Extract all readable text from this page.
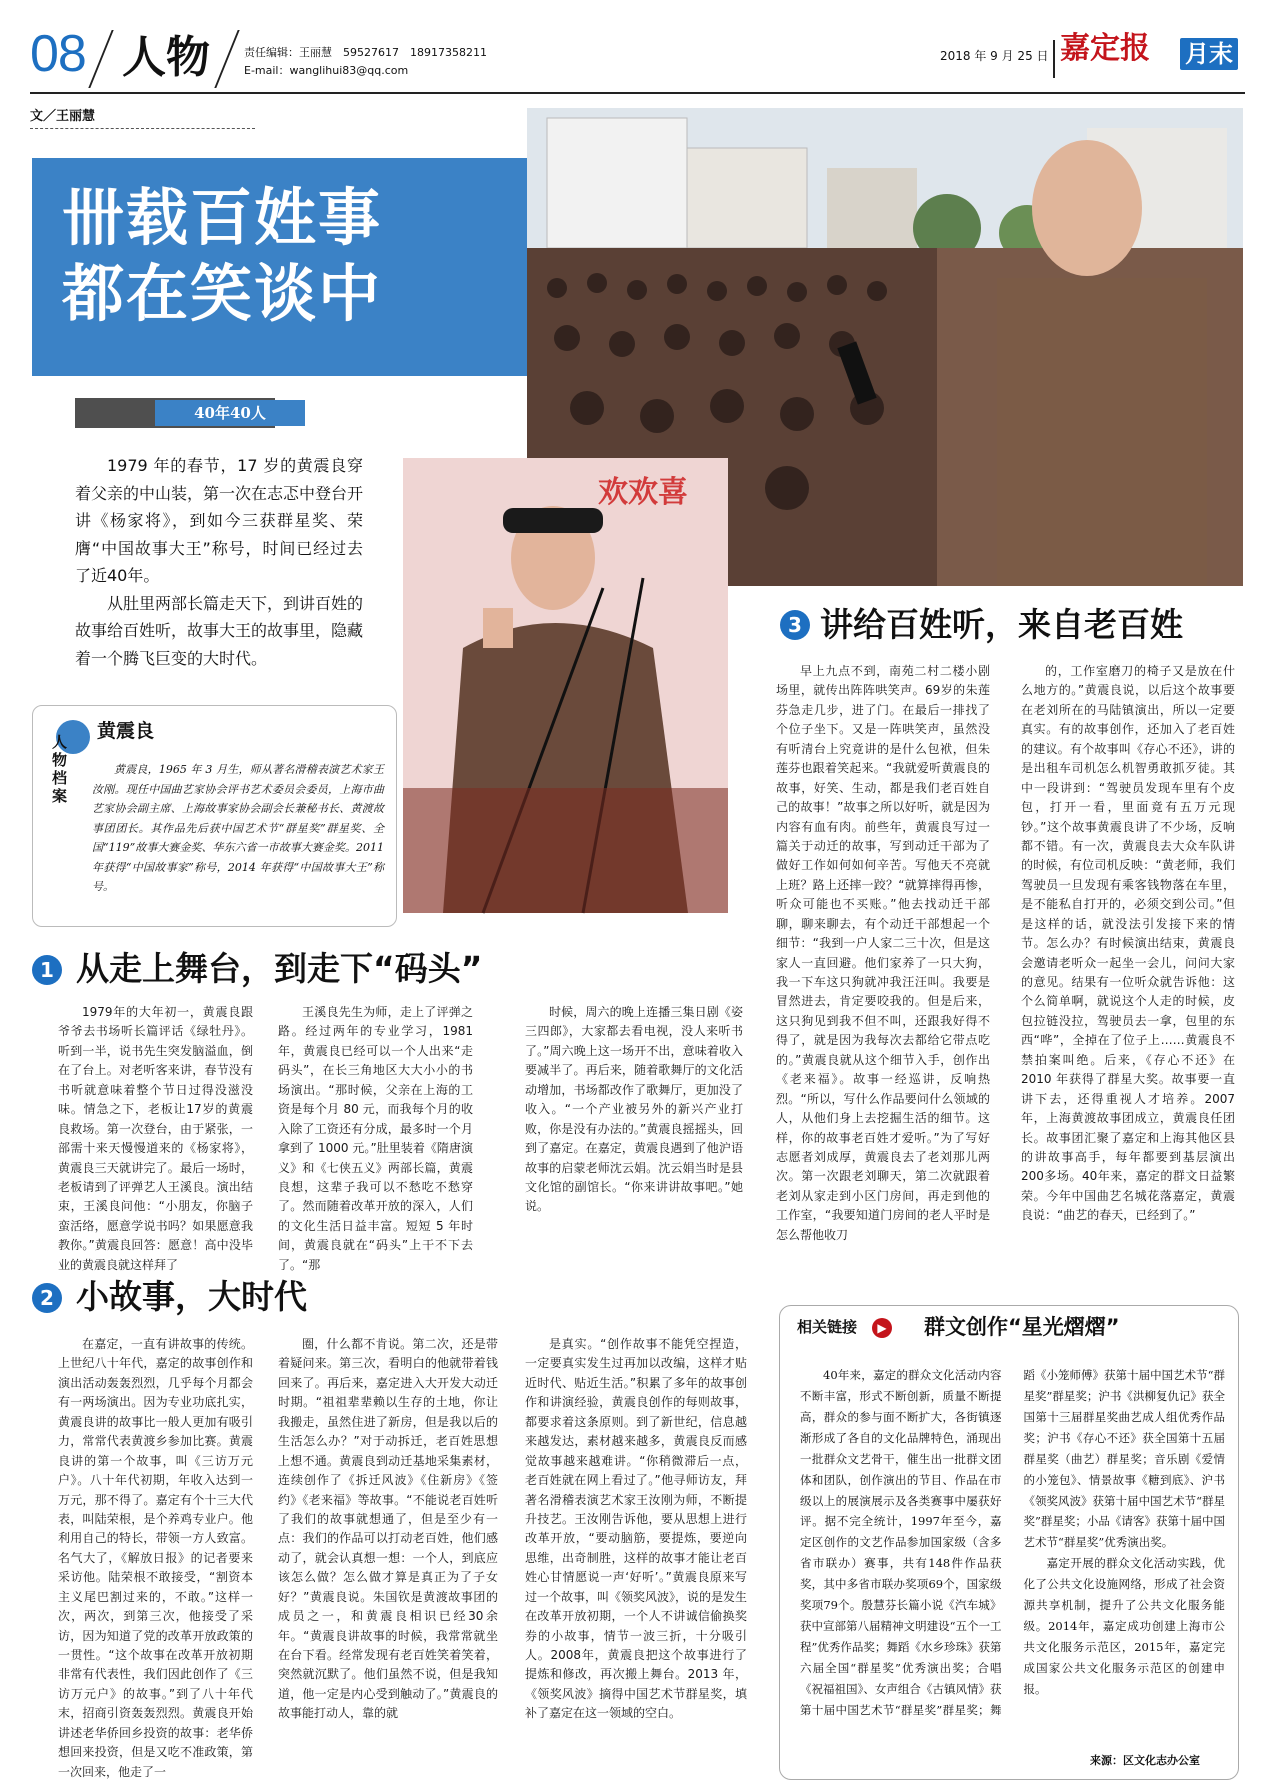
08 人物	责任编辑：王丽慧　59527617　18917358211
E-mail：wanglihui83@qq.com
2018 年 9 月 25 日 嘉定报 月末
文／王丽慧
卌载百姓事
都在笑谈中
40年40人

1979 年的春节，17 岁的黄震良穿着父亲的中山装，第一次在志忑中登台开讲《杨家将》，到如今三获群星奖、荣膺“中国故事大王”称号，时间已经过去了近40年。

从肚里两部长篇走天下，到讲百姓的故事给百姓听，故事大王的故事里，隐藏着一个腾飞巨变的大时代。

欢欢喜
人物档案
黄震良
黄震良，1965 年 3 月生，师从著名滑稽表演艺术家王汝刚。现任中国曲艺家协会评书艺术委员会委员，上海市曲艺家协会副主席、上海故事家协会副会长兼秘书长、黄渡故事团团长。其作品先后获中国艺术节“群星奖”群星奖、全国“119”故事大赛金奖、华东六省一市故事大赛金奖。2011 年获得“中国故事家”称号，2014 年获得“中国故事大王”称号。
3 讲给百姓听，来自老百姓

早上九点不到，南苑二村二楼小剧场里，就传出阵阵哄笑声。69岁的朱莲芬急走几步，进了门。在最后一排找了个位子坐下。又是一阵哄笑声，虽然没有听清台上究竟讲的是什么包袱，但朱莲芬也跟着笑起来。“我就爱听黄震良的故事，好笑、生动，都是我们老百姓自己的故事！”故事之所以好听，就是因为内容有血有肉。前些年，黄震良写过一篇关于动迁的故事，写到动迁干部为了做好工作如何如何辛苦。写他天不亮就上班？路上还摔一跤？“就算摔得再惨，听众可能也不买账。”他去找动迁干部聊，聊来聊去，有个动迁干部想起一个细节：“我到一户人家二三十次，但是这家人一直回避。他们家养了一只大狗，我一下车这只狗就冲我汪汪叫。我要是冒然进去，肯定要咬我的。但是后来，这只狗见到我不但不叫，还跟我好得不得了，就是因为我每次去都给它带点吃的。”黄震良就从这个细节入手，创作出《老来福》。故事一经巡讲，反响热烈。“所以，写什么作品要问什么领域的人，从他们身上去挖掘生活的细节。这样，你的故事老百姓才爱听。”为了写好志愿者刘成厚，黄震良去了老刘那儿两次。第一次跟老刘聊天，第二次就跟着老刘从家走到小区门房间，再走到他的工作室，“我要知道门房间的老人平时是怎么帮他收刀

的，工作室磨刀的椅子又是放在什么地方的。”黄震良说，以后这个故事要在老刘所在的马陆镇演出，所以一定要真实。有的故事创作，还加入了老百姓的建议。有个故事叫《存心不还》，讲的是出租车司机怎么机智勇敢抓歹徒。其中一段讲到：“驾驶员发现车里有个皮包，打开一看，里面竟有五万元现钞。”这个故事黄震良讲了不少场，反响都不错。有一次，黄震良去大众车队讲的时候，有位司机反映：“黄老师，我们驾驶员一旦发现有乘客钱物落在车里，是不能私自打开的，必须交到公司。”但是这样的话，就没法引发接下来的情节。怎么办？有时候演出结束，黄震良会邀请老听众一起坐一会儿，问问大家的意见。结果有一位听众就告诉他：这个么简单啊，就说这个人走的时候，皮包拉链没拉，驾驶员去一拿，包里的东西“哗”，全掉在了位子上……黄震良不禁拍案叫绝。后来，《存心不还》在2010 年获得了群星大奖。故事要一直讲下去，还得重视人才培养。2007 年，上海黄渡故事团成立，黄震良任团长。故事团汇聚了嘉定和上海其他区县的讲故事高手，每年都要到基层演出200多场。40年来，嘉定的群文日益繁荣。今年中国曲艺名城花落嘉定，黄震良说：“曲艺的春天，已经到了。”

1 从走上舞台，到走下“码头”

1979年的大年初一，黄震良跟爷爷去书场听长篇评话《绿牡丹》。听到一半，说书先生突发脑溢血，倒在了台上。对老听客来讲，春节没有书听就意味着整个节日过得没滋没味。情急之下，老板让17岁的黄震良救场。第一次登台，由于紧张，一部需十来天慢慢道来的《杨家将》，黄震良三天就讲完了。最后一场时，老板请到了评弹艺人王溪良。演出结束，王溪良问他：“小朋友，你脑子蛮活络，愿意学说书吗？如果愿意我教你。”黄震良回答：愿意！高中没毕业的黄震良就这样拜了

王溪良先生为师，走上了评弹之路。经过两年的专业学习，1981 年，黄震良已经可以一个人出来“走码头”，在长三角地区大大小小的书场演出。“那时候，父亲在上海的工资是每个月 80 元，而我每个月的收入除了工资还有分成，最多时一个月拿到了 1000 元。”肚里装着《隋唐演义》和《七侠五义》两部长篇，黄震良想，这辈子我可以不愁吃不愁穿了。然而随着改革开放的深入，人们的文化生活日益丰富。短短 5 年时间，黄震良就在“码头”上干不下去了。“那

时候，周六的晚上连播三集日剧《姿三四郎》，大家都去看电视，没人来听书了。”周六晚上这一场开不出，意味着收入要减半了。再后来，随着歌舞厅的文化活动增加，书场都改作了歌舞厅，更加没了收入。“一个产业被另外的新兴产业打败，你是没有办法的。”黄震良摇摇头，回到了嘉定。在嘉定，黄震良遇到了他沪语故事的启蒙老师沈云娟。沈云娟当时是县文化馆的副馆长。“你来讲讲故事吧。”她说。

2 小故事，大时代

在嘉定，一直有讲故事的传统。上世纪八十年代，嘉定的故事创作和演出活动轰轰烈烈，几乎每个月都会有一两场演出。因为专业功底扎实，黄震良讲的故事比一般人更加有吸引力，常常代表黄渡乡参加比赛。黄震良讲的第一个故事，叫《三访万元户》。八十年代初期，年收入达到一万元，那不得了。嘉定有个十三大代表，叫陆荣根，是个养鸡专业户。他利用自己的特长，带领一方人致富。名气大了，《解放日报》的记者要来采访他。陆荣根不敢接受，“割资本主义尾巴割过来的，不敢。”这样一次，两次，到第三次，他接受了采访，因为知道了党的改革开放政策的一贯性。“这个故事在改革开放初期非常有代表性，我们因此创作了《三访万元户》的故事。”到了八十年代末，招商引资轰轰烈烈。黄震良开始讲述老华侨回乡投资的故事：老华侨想回来投资，但是又吃不准政策，第一次回来，他走了一

圈，什么都不肯说。第二次，还是带着疑问来。第三次，看明白的他就带着钱回来了。再后来，嘉定进入大开发大动迁时期。“祖祖辈辈赖以生存的土地，你让我搬走，虽然住进了新房，但是我以后的生活怎么办？”对于动拆迁，老百姓思想上想不通。黄震良到动迁基地采集素材，连续创作了《拆迁风波》《住新房》《签约》《老来福》等故事。“不能说老百姓听了我们的故事就想通了，但是至少有一点：我们的作品可以打动老百姓，他们感动了，就会认真想一想：一个人，到底应该怎么做？怎么做才算是真正为了子女好？”黄震良说。朱国钦是黄渡故事团的成员之一，和黄震良相识已经30余年。“黄震良讲故事的时候，我常常就坐在台下看。经常发现有老百姓笑着笑着，突然就沉默了。他们虽然不说，但是我知道，他一定是内心受到触动了。”黄震良的故事能打动人，靠的就

是真实。“创作故事不能凭空捏造，一定要真实发生过再加以改编，这样才贴近时代、贴近生活。”积累了多年的故事创作和讲演经验，黄震良创作的每则故事，都要求着这条原则。到了新世纪，信息越来越发达，素材越来越多，黄震良反而感觉故事越来越难讲。“你稍微滞后一点，老百姓就在网上看过了。”他寻师访友，拜著名滑稽表演艺术家王汝刚为师，不断提升技艺。王汝刚告诉他，要从思想上进行改革开放，“要动脑筋，要提炼，要逆向思维，出奇制胜，这样的故事才能让老百姓心甘情愿说一声‘好听’。”黄震良原来写过一个故事，叫《领奖风波》，说的是发生在改革开放初期，一个人不讲诚信偷换奖券的小故事，情节一波三折，十分吸引人。2008年，黄震良把这个故事进行了提炼和修改，再次搬上舞台。2013 年，《领奖风波》摘得中国艺术节群星奖，填补了嘉定在这一领域的空白。

相关链接	▶ 群文创作“星光熠熠”

40年来，嘉定的群众文化活动内容不断丰富，形式不断创新，质量不断提高，群众的参与面不断扩大，各街镇逐渐形成了各自的文化品牌特色，涌现出一批群众文艺骨干，催生出一批群文团体和团队，创作演出的节目、作品在市级以上的展演展示及各类赛事中屡获好评。据不完全统计，1997年至今，嘉定区创作的文艺作品参加国家级（含多省市联办）赛事，共有148件作品获奖，其中多省市联办奖项69个，国家级奖项79个。殷慧芬长篇小说《汽车城》获中宣部第八届精神文明建设“五个一工程”优秀作品奖；舞蹈《水乡珍珠》获第六届全国“群星奖”优秀演出奖；合唱《祝福祖国》、女声组合《古镇风情》获第十届中国艺术节“群星奖”群星奖；舞蹈《小笼师傅》获第十届中国艺术节“群星奖”群星奖；沪书《洪柳复仇记》获全国第十三届群星奖曲艺成人组优秀作品奖；沪书《存心不还》获全国第十五届群星奖（曲艺）群星奖；音乐剧《爱情的小笼包》、情景故事《糖到底》、沪书《领奖风波》获第十届中国艺术节“群星奖”群星奖；小品《请客》获第十届中国艺术节“群星奖”优秀演出奖。

嘉定开展的群众文化活动实践，优化了公共文化设施网络，形成了社会资源共享机制，提升了公共文化服务能级。2014年，嘉定成功创建上海市公共文化服务示范区，2015年，嘉定完成国家公共文化服务示范区的创建申报。

来源：区文化志办公室
